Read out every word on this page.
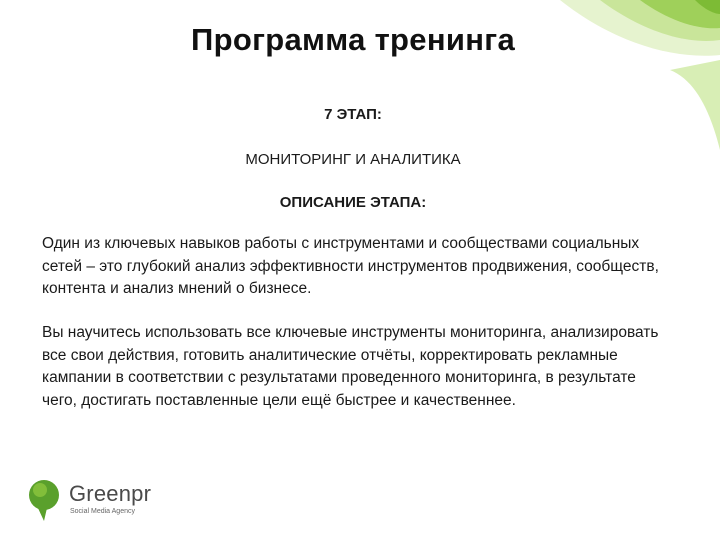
Программа тренинга
7 ЭТАП:
МОНИТОРИНГ И АНАЛИТИКА
ОПИСАНИЕ ЭТАПА:

Один из ключевых навыков работы с инструментами и сообществами социальных сетей – это глубокий анализ эффективности инструментов продвижения, сообществ, контента и анализ мнений о бизнесе.

Вы научитесь использовать все ключевые инструменты мониторинга, анализировать все свои действия, готовить аналитические отчёты, корректировать рекламные кампании в соответствии с результатами проведенного мониторинга, в результате чего, достигать поставленные цели ещё быстрее и качественнее.

Greenpr
Social Media Agency
